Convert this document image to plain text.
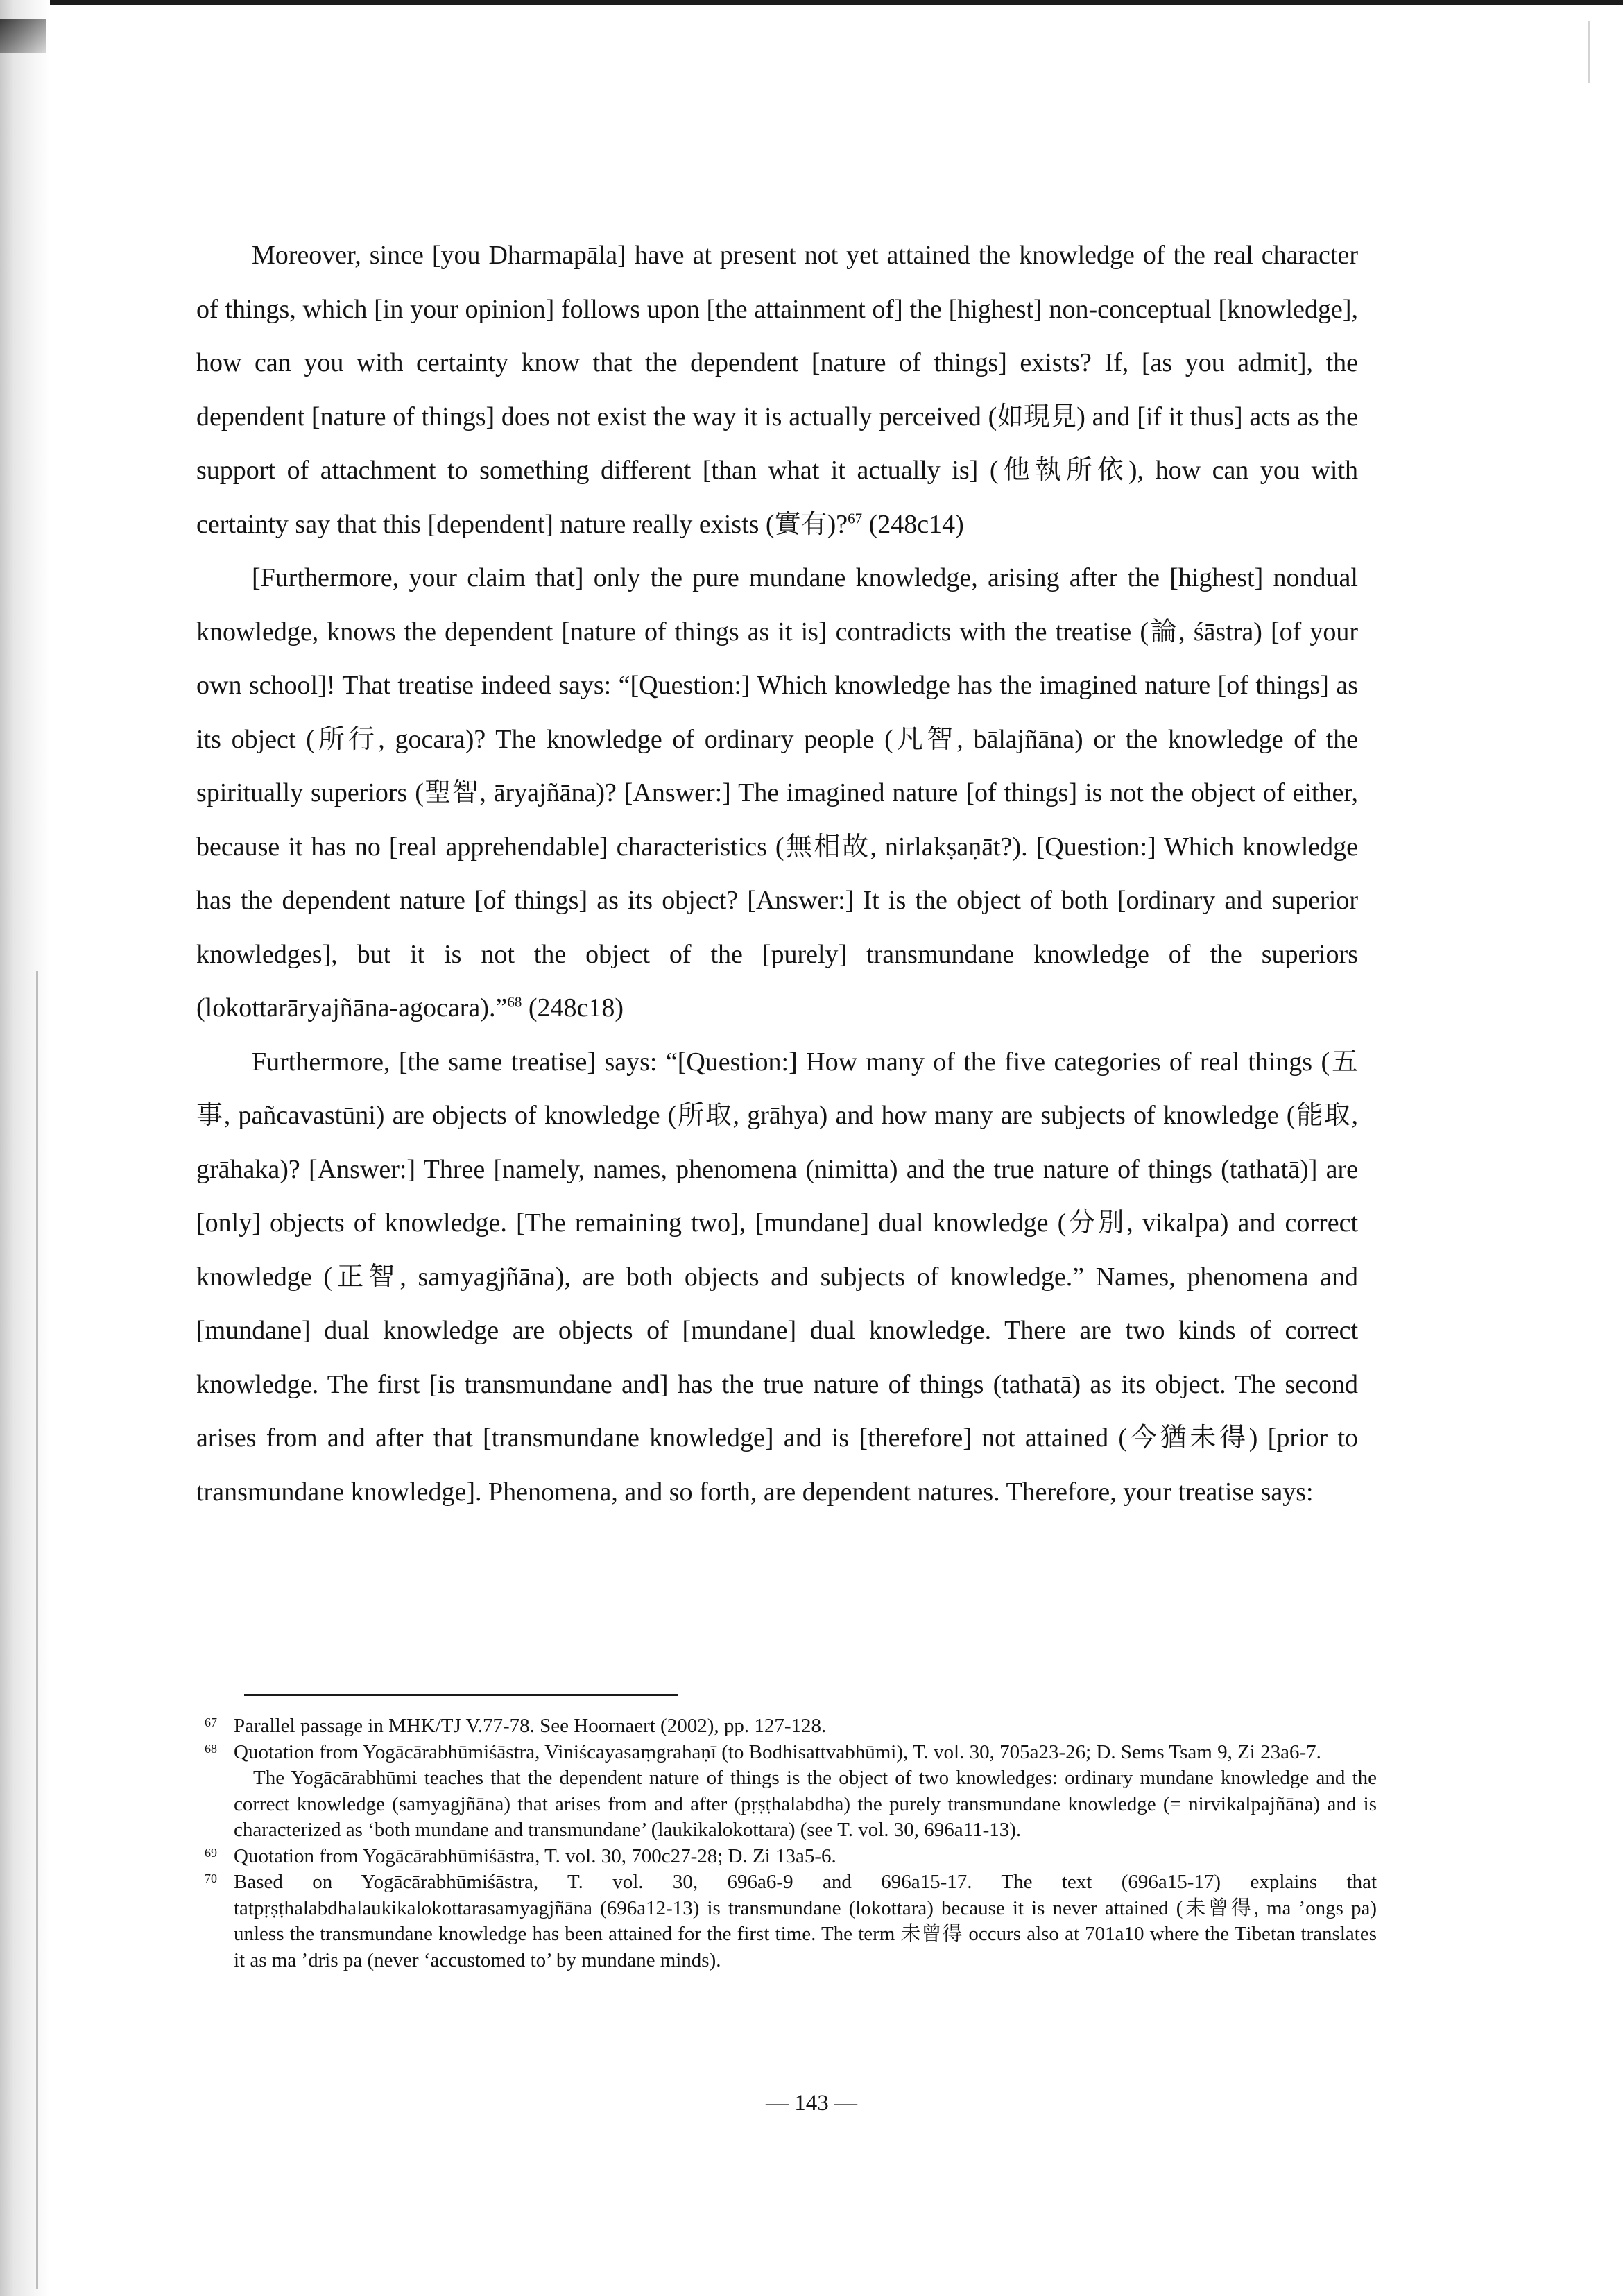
Moreover, since [you Dharmapāla] have at present not yet attained the knowledge of the real character of things, which [in your opinion] follows upon [the attainment of] the [highest] non-conceptual [knowledge], how can you with certainty know that the dependent [nature of things] exists? If, [as you admit], the dependent [nature of things] does not exist the way it is actually perceived (如現見) and [if it thus] acts as the support of attachment to something different [than what it actually is] (他執所依), how can you with certainty say that this [dependent] nature really exists (實有)?$^{67}$ (248c14)

[Furthermore, your claim that] only the pure mundane knowledge, arising after the [highest] nondual knowledge, knows the dependent [nature of things as it is] contradicts with the treatise (論, śāstra) [of your own school]! That treatise indeed says: “[Question:] Which knowledge has the imagined nature [of things] as its object (所行, gocara)? The knowledge of ordinary people (凡智, bālajñāna) or the knowledge of the spiritually superiors (聖智, āryajñāna)? [Answer:] The imagined nature [of things] is not the object of either, because it has no [real apprehendable] characteristics (無相故, nirlakṣaṇāt?). [Question:] Which knowledge has the dependent nature [of things] as its object? [Answer:] It is the object of both [ordinary and superior knowledges], but it is not the object of the [purely] transmundane knowledge of the superiors (lokottarāryajñāna-agocara).”$^{68}$ (248c18)

Furthermore, [the same treatise] says: “[Question:] How many of the five categories of real things (五事, pañcavastūni) are objects of knowledge (所取, grāhya) and how many are subjects of knowledge (能取, grāhaka)? [Answer:] Three [namely, names, phenomena (nimitta) and the true nature of things (tathatā)] are [only] objects of knowledge. [The remaining two], [mundane] dual knowledge (分別, vikalpa) and correct knowledge (正智, samyagjñāna), are both objects and subjects of knowledge.” Names, phenomena and [mundane] dual knowledge are objects of [mundane] dual knowledge. There are two kinds of correct knowledge. The first [is transmundane and] has the true nature of things (tathatā) as its object. The second arises from and after that [transmundane knowledge] and is [therefore] not attained (今猶未得) [prior to transmundane knowledge]. Phenomena, and so forth, are dependent natures. Therefore, your treatise says:

67 Parallel passage in MHK/TJ V.77-78. See Hoornaert (2002), pp. 127-128.

68 Quotation from Yogācārabhūmiśāstra, Viniścayasaṃgrahaṇī (to Bodhisattvabhūmi), T. vol. 30, 705a23-26; D. Sems Tsam 9, Zi 23a6-7.

The Yogācārabhūmi teaches that the dependent nature of things is the object of two knowledges: ordinary mundane knowledge and the correct knowledge (samyagjñāna) that arises from and after (pṛṣṭhalabdha) the purely transmundane knowledge (= nirvikalpajñāna) and is characterized as ‘both mundane and transmundane’ (laukikalokottara) (see T. vol. 30, 696a11-13).

69 Quotation from Yogācārabhūmiśāstra, T. vol. 30, 700c27-28; D. Zi 13a5-6.

70 Based on Yogācārabhūmiśāstra, T. vol. 30, 696a6-9 and 696a15-17. The text (696a15-17) explains that tatpṛṣṭhalabdhalaukikalokottarasamyagjñāna (696a12-13) is transmundane (lokottara) because it is never attained (未曾得, ma ’ongs pa) unless the transmundane knowledge has been attained for the first time. The term 未曾得 occurs also at 701a10 where the Tibetan translates it as ma ’dris pa (never ‘accustomed to’ by mundane minds).

— 143 —
